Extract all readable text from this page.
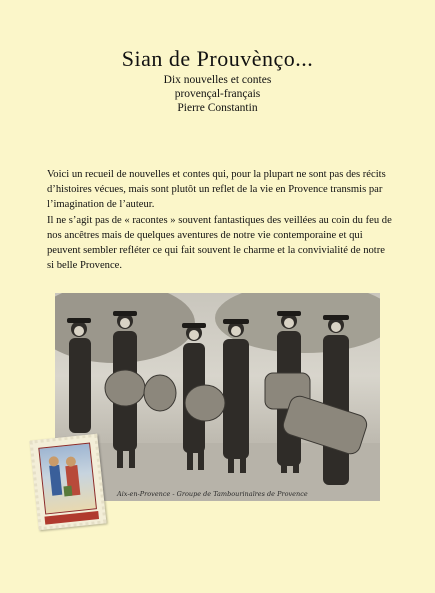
Sian de Prouvènço...
Dix nouvelles et contes
provençal-français
Pierre Constantin
Voici un recueil de nouvelles et contes qui, pour la plupart ne sont pas des récits d’histoires vécues, mais sont plutôt un reflet de la vie en Provence transmis par l’imagination de l’auteur.
Il ne s’agit pas de « racontes » souvent fantastiques des veillées au coin du feu de nos ancêtres mais de quelques aventures de notre vie contemporaine et qui peuvent sembler refléter ce qui fait souvent le charme et la convivialité de notre si belle Provence.
Aix-en-Provence - Groupe de Tambourinaïres de Provence
